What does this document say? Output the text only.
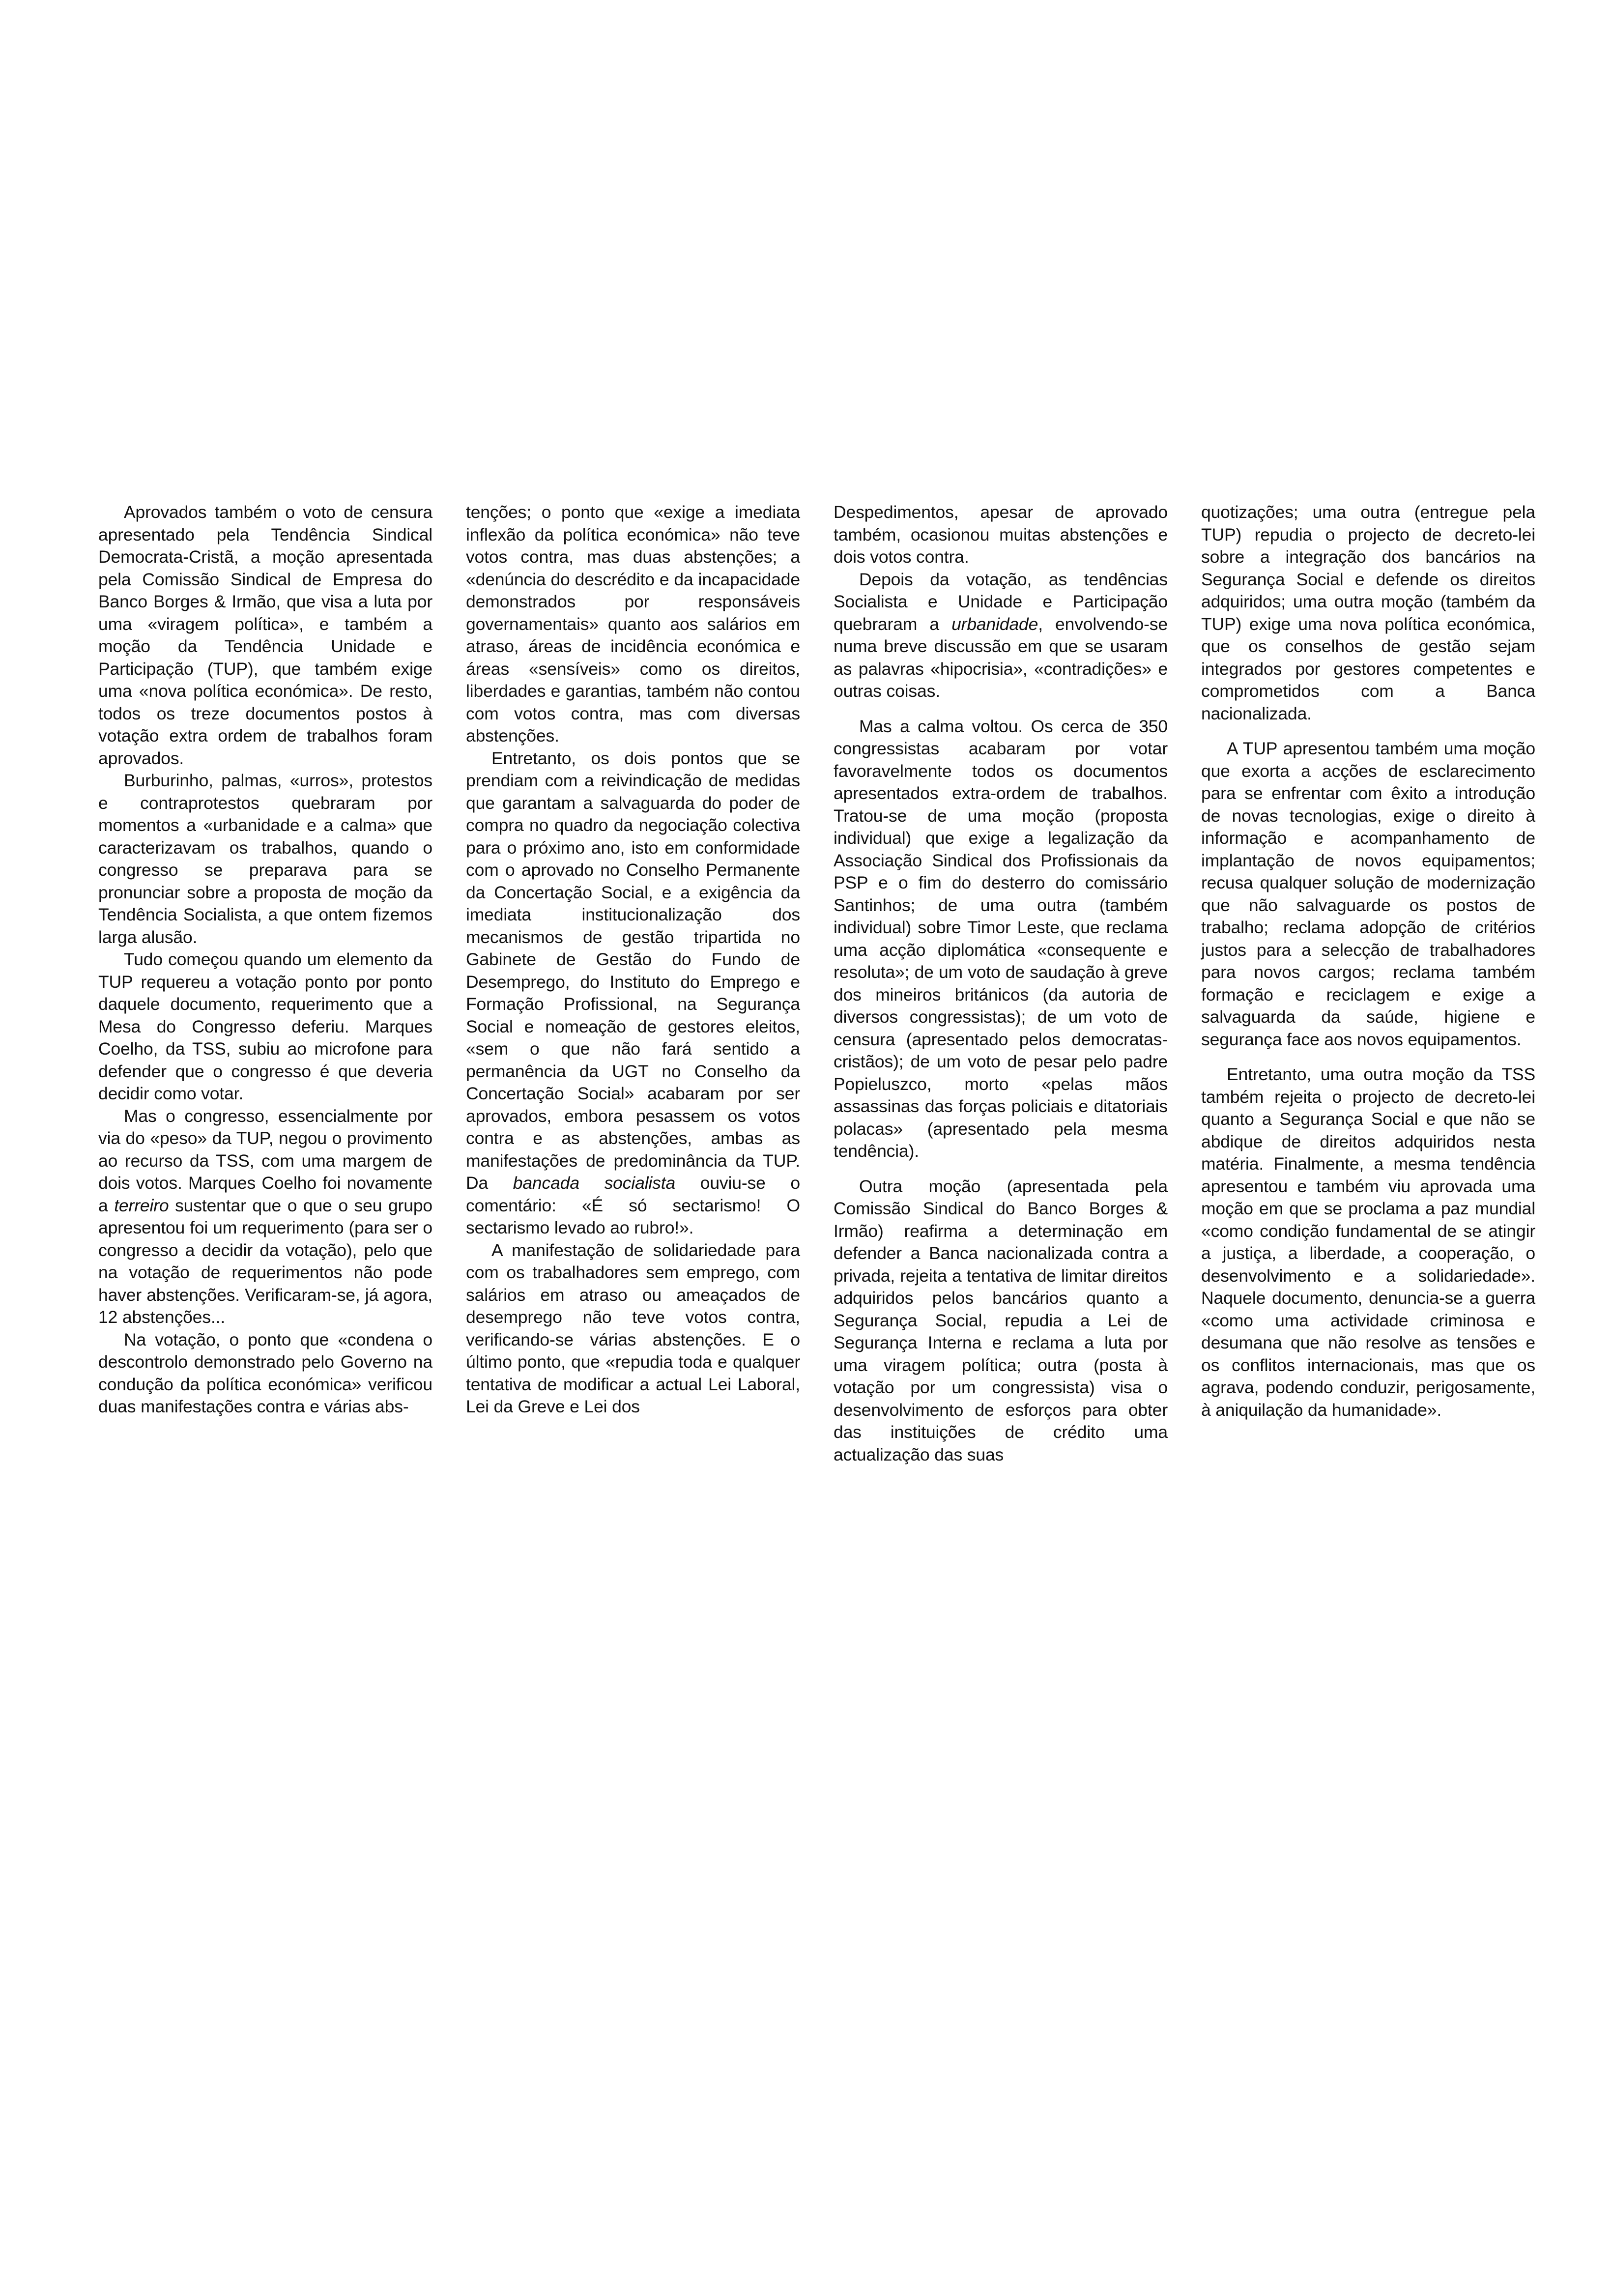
Aprovados também o voto de censura apresentado pela Tendência Sindical Democrata-Cristã, a moção apresentada pela Comissão Sindical de Empresa do Banco Borges & Irmão, que visa a luta por uma «viragem política», e também a moção da Tendência Unidade e Participação (TUP), que também exige uma «nova política económica». De resto, todos os treze documentos postos à votação extra ordem de trabalhos foram aprovados.

Burburinho, palmas, «urros», protestos e contraprotestos quebraram por momentos a «urbanidade e a calma» que caracterizavam os trabalhos, quando o congresso se preparava para se pronunciar sobre a proposta de moção da Tendência Socialista, a que ontem fizemos larga alusão.

Tudo começou quando um elemento da TUP requereu a votação ponto por ponto daquele documento, requerimento que a Mesa do Congresso deferiu. Marques Coelho, da TSS, subiu ao microfone para defender que o congresso é que deveria decidir como votar.

Mas o congresso, essencialmente por via do «peso» da TUP, negou o provimento ao recurso da TSS, com uma margem de dois votos. Marques Coelho foi novamente a terreiro sustentar que o que o seu grupo apresentou foi um requerimento (para ser o congresso a decidir da votação), pelo que na votação de requerimentos não pode haver abstenções. Verificaram-se, já agora, 12 abstenções...

Na votação, o ponto que «condena o descontrolo demonstrado pelo Governo na condução da política económica» verificou duas manifestações contra e várias abs-

tenções; o ponto que «exige a imediata inflexão da política económica» não teve votos contra, mas duas abstenções; a «denúncia do descrédito e da incapacidade demonstrados por responsáveis governamentais» quanto aos salários em atraso, áreas de incidência económica e áreas «sensíveis» como os direitos, liberdades e garantias, também não contou com votos contra, mas com diversas abstenções.

Entretanto, os dois pontos que se prendiam com a reivindicação de medidas que garantam a salvaguarda do poder de compra no quadro da negociação colectiva para o próximo ano, isto em conformidade com o aprovado no Conselho Permanente da Concertação Social, e a exigência da imediata institucionalização dos mecanismos de gestão tripartida no Gabinete de Gestão do Fundo de Desemprego, do Instituto do Emprego e Formação Profissional, na Segurança Social e nomeação de gestores eleitos, «sem o que não fará sentido a permanência da UGT no Conselho da Concertação Social» acabaram por ser aprovados, embora pesassem os votos contra e as abstenções, ambas as manifestações de predominância da TUP. Da bancada socialista ouviu-se o comentário: «É só sectarismo! O sectarismo levado ao rubro!».

A manifestação de solidariedade para com os trabalhadores sem emprego, com salários em atraso ou ameaçados de desemprego não teve votos contra, verificando-se várias abstenções. E o último ponto, que «repudia toda e qualquer tentativa de modificar a actual Lei Laboral, Lei da Greve e Lei dos

Despedimentos, apesar de aprovado também, ocasionou muitas abstenções e dois votos contra.

Depois da votação, as tendências Socialista e Unidade e Participação quebraram a urbanidade, envolvendo-se numa breve discussão em que se usaram as palavras «hipocrisia», «contradições» e outras coisas.

Mas a calma voltou. Os cerca de 350 congressistas acabaram por votar favoravelmente todos os documentos apresentados extra-ordem de trabalhos. Tratou-se de uma moção (proposta individual) que exige a legalização da Associação Sindical dos Profissionais da PSP e o fim do desterro do comissário Santinhos; de uma outra (também individual) sobre Timor Leste, que reclama uma acção diplomática «consequente e resoluta»; de um voto de saudação à greve dos mineiros británicos (da autoria de diversos congressistas); de um voto de censura (apresentado pelos democratas-cristãos); de um voto de pesar pelo padre Popieluszco, morto «pelas mãos assassinas das forças policiais e ditatoriais polacas» (apresentado pela mesma tendência).

Outra moção (apresentada pela Comissão Sindical do Banco Borges & Irmão) reafirma a determinação em defender a Banca nacionalizada contra a privada, rejeita a tentativa de limitar direitos adquiridos pelos bancários quanto a Segurança Social, repudia a Lei de Segurança Interna e reclama a luta por uma viragem política; outra (posta à votação por um congressista) visa o desenvolvimento de esforços para obter das instituições de crédito uma actualização das suas

quotizações; uma outra (entregue pela TUP) repudia o projecto de decreto-lei sobre a integração dos bancários na Segurança Social e defende os direitos adquiridos; uma outra moção (também da TUP) exige uma nova política económica, que os conselhos de gestão sejam integrados por gestores competentes e comprometidos com a Banca nacionalizada.

A TUP apresentou também uma moção que exorta a acções de esclarecimento para se enfrentar com êxito a introdução de novas tecnologias, exige o direito à informação e acompanhamento de implantação de novos equipamentos; recusa qualquer solução de modernização que não salvaguarde os postos de trabalho; reclama adopção de critérios justos para a selecção de trabalhadores para novos cargos; reclama também formação e reciclagem e exige a salvaguarda da saúde, higiene e segurança face aos novos equipamentos.

Entretanto, uma outra moção da TSS também rejeita o projecto de decreto-lei quanto a Segurança Social e que não se abdique de direitos adquiridos nesta matéria. Finalmente, a mesma tendência apresentou e também viu aprovada uma moção em que se proclama a paz mundial «como condição fundamental de se atingir a justiça, a liberdade, a cooperação, o desenvolvimento e a solidariedade». Naquele documento, denuncia-se a guerra «como uma actividade criminosa e desumana que não resolve as tensões e os conflitos internacionais, mas que os agrava, podendo conduzir, perigosamente, à aniquilação da humanidade».
